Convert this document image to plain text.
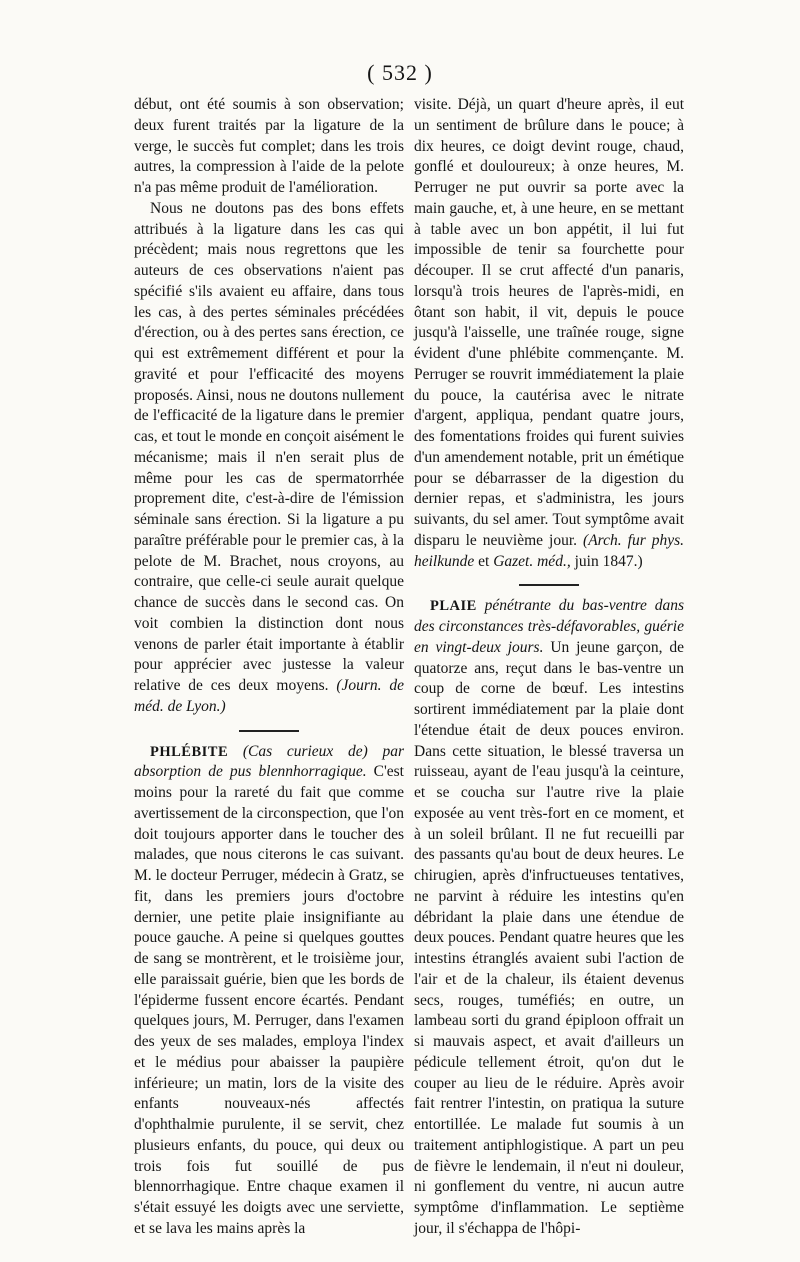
( 532 )

début, ont été soumis à son observation; deux furent traités par la ligature de la verge, le succès fut complet; dans les trois autres, la compression à l'aide de la pelote n'a pas même produit de l'amélioration.

Nous ne doutons pas des bons effets attribués à la ligature dans les cas qui précèdent; mais nous regrettons que les auteurs de ces observations n'aient pas spécifié s'ils avaient eu affaire, dans tous les cas, à des pertes séminales précédées d'érection, ou à des pertes sans érection, ce qui est extrêmement différent et pour la gravité et pour l'efficacité des moyens proposés. Ainsi, nous ne doutons nullement de l'efficacité de la ligature dans le premier cas, et tout le monde en conçoit aisément le mécanisme; mais il n'en serait plus de même pour les cas de spermatorrhée proprement dite, c'est-à-dire de l'émission séminale sans érection. Si la ligature a pu paraître préférable pour le premier cas, à la pelote de M. Brachet, nous croyons, au contraire, que celle-ci seule aurait quelque chance de succès dans le second cas. On voit combien la distinction dont nous venons de parler était importante à établir pour apprécier avec justesse la valeur relative de ces deux moyens. (Journ. de méd. de Lyon.)

PHLÉBITE (Cas curieux de) par absorption de pus blennhorragique. C'est moins pour la rareté du fait que comme avertissement de la circonspection, que l'on doit toujours apporter dans le toucher des malades, que nous citerons le cas suivant. M. le docteur Perruger, médecin à Gratz, se fit, dans les premiers jours d'octobre dernier, une petite plaie insignifiante au pouce gauche. A peine si quelques gouttes de sang se montrèrent, et le troisième jour, elle paraissait guérie, bien que les bords de l'épiderme fussent encore écartés. Pendant quelques jours, M. Perruger, dans l'examen des yeux de ses malades, employa l'index et le médius pour abaisser la paupière inférieure; un matin, lors de la visite des enfants nouveaux-nés affectés d'ophthalmie purulente, il se servit, chez plusieurs enfants, du pouce, qui deux ou trois fois fut souillé de pus blennorrhagique. Entre chaque examen il s'était essuyé les doigts avec une serviette, et se lava les mains après la

visite. Déjà, un quart d'heure après, il eut un sentiment de brûlure dans le pouce; à dix heures, ce doigt devint rouge, chaud, gonflé et douloureux; à onze heures, M. Perruger ne put ouvrir sa porte avec la main gauche, et, à une heure, en se mettant à table avec un bon appétit, il lui fut impossible de tenir sa fourchette pour découper. Il se crut affecté d'un panaris, lorsqu'à trois heures de l'après-midi, en ôtant son habit, il vit, depuis le pouce jusqu'à l'aisselle, une traînée rouge, signe évident d'une phlébite commençante. M. Perruger se rouvrit immédiatement la plaie du pouce, la cautérisa avec le nitrate d'argent, appliqua, pendant quatre jours, des fomentations froides qui furent suivies d'un amendement notable, prit un émétique pour se débarrasser de la digestion du dernier repas, et s'administra, les jours suivants, du sel amer. Tout symptôme avait disparu le neuvième jour. (Arch. fur phys. heilkunde et Gazet. méd., juin 1847.)

PLAIE pénétrante du bas-ventre dans des circonstances très-défavorables, guérie en vingt-deux jours. Un jeune garçon, de quatorze ans, reçut dans le bas-ventre un coup de corne de bœuf. Les intestins sortirent immédiatement par la plaie dont l'étendue était de deux pouces environ. Dans cette situation, le blessé traversa un ruisseau, ayant de l'eau jusqu'à la ceinture, et se coucha sur l'autre rive la plaie exposée au vent très-fort en ce moment, et à un soleil brûlant. Il ne fut recueilli par des passants qu'au bout de deux heures. Le chirugien, après d'infructueuses tentatives, ne parvint à réduire les intestins qu'en débridant la plaie dans une étendue de deux pouces. Pendant quatre heures que les intestins étranglés avaient subi l'action de l'air et de la chaleur, ils étaient devenus secs, rouges, tuméfiés; en outre, un lambeau sorti du grand épiploon offrait un si mauvais aspect, et avait d'ailleurs un pédicule tellement étroit, qu'on dut le couper au lieu de le réduire. Après avoir fait rentrer l'intestin, on pratiqua la suture entortillée. Le malade fut soumis à un traitement antiphlogistique. A part un peu de fièvre le lendemain, il n'eut ni douleur, ni gonflement du ventre, ni aucun autre symptôme d'inflammation. Le septième jour, il s'échappa de l'hôpi-
